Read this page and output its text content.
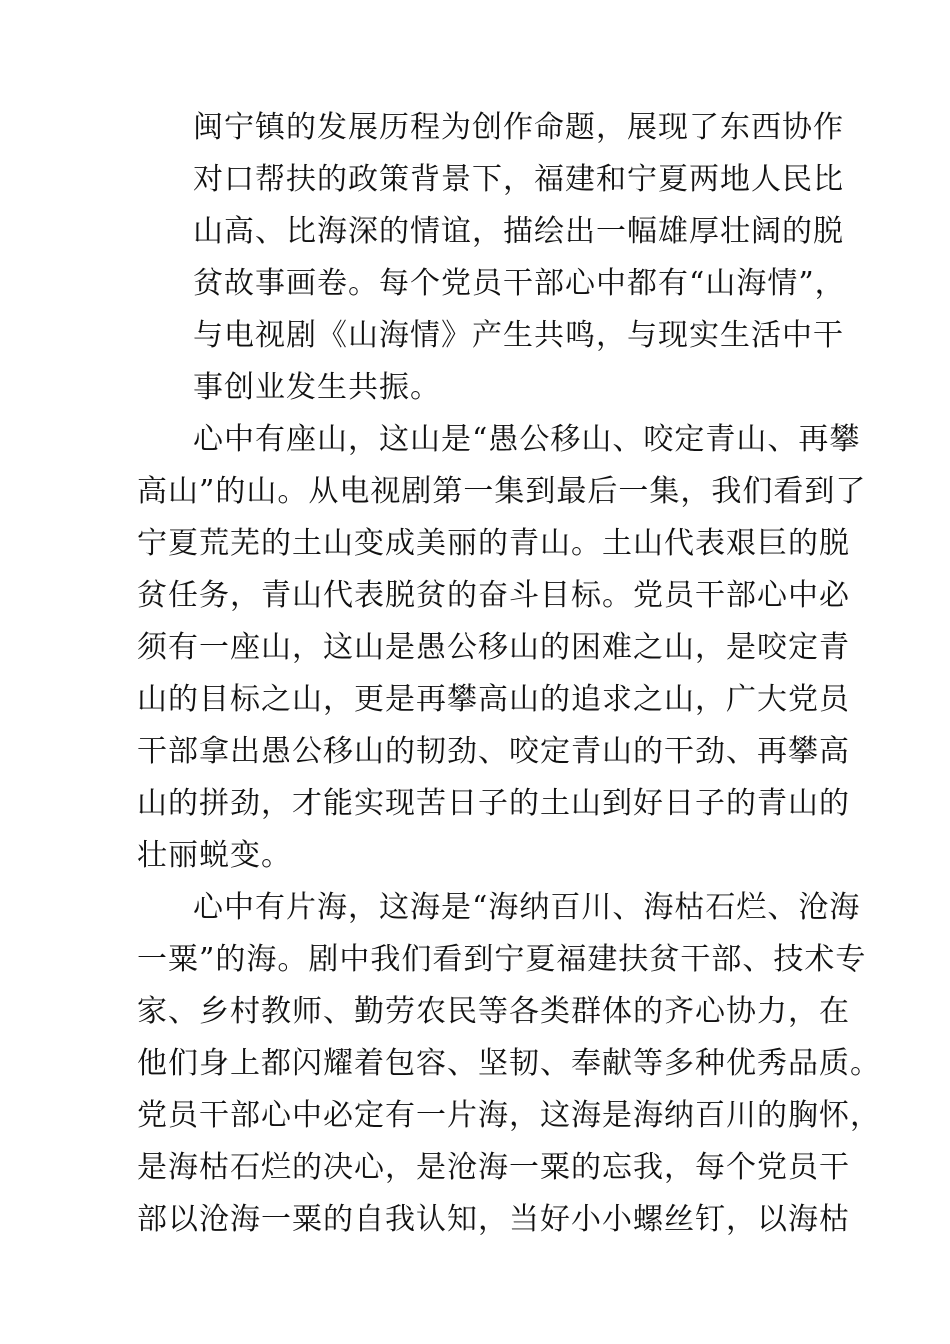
闽宁镇的发展历程为创作命题，展现了东西协作
对口帮扶的政策背景下，福建和宁夏两地人民比
山高、比海深的情谊，描绘出一幅雄厚壮阔的脱
贫故事画卷。每个党员干部心中都有“山海情”，
与电视剧《山海情》产生共鸣，与现实生活中干
事创业发生共振。
心中有座山，这山是“愚公移山、咬定青山、再攀
高山”的山。从电视剧第一集到最后一集，我们看到了
宁夏荒芜的土山变成美丽的青山。土山代表艰巨的脱
贫任务，青山代表脱贫的奋斗目标。党员干部心中必
须有一座山，这山是愚公移山的困难之山，是咬定青
山的目标之山，更是再攀高山的追求之山，广大党员
干部拿出愚公移山的韧劲、咬定青山的干劲、再攀高
山的拼劲，才能实现苦日子的土山到好日子的青山的
壮丽蜕变。
心中有片海，这海是“海纳百川、海枯石烂、沧海
一粟”的海。剧中我们看到宁夏福建扶贫干部、技术专
家、乡村教师、勤劳农民等各类群体的齐心协力，在
他们身上都闪耀着包容、坚韧、奉献等多种优秀品质。
党员干部心中必定有一片海，这海是海纳百川的胸怀，
是海枯石烂的决心，是沧海一粟的忘我，每个党员干
部以沧海一粟的自我认知，当好小小螺丝钉，以海枯
